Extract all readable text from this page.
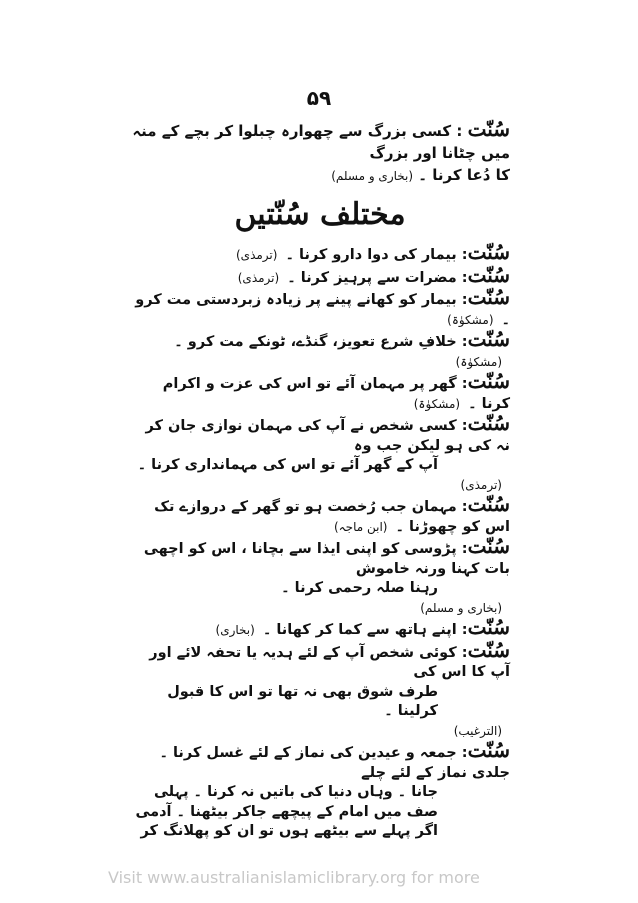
۵۹

سُنّت : کسی بزرگ سے چھوارہ چبلوا کر بچے کے منہ میں چٹانا اور بزرگ
کا دُعا کرنا ۔ (بخاری و مسلم)

مختلف سُنّتیں

سُنّت: بیمار کی دوا دارو کرنا ۔(ترمذی)

سُنّت: مضرات سے پرہیز کرنا ۔(ترمذی)

سُنّت: بیمار کو کھانے پینے پر زیادہ زبردستی مت کرو ۔(مشکوٰۃ)

سُنّت: خلافِ شرع تعویز، گنڈے، ٹونکے مت کرو ۔(مشکوٰۃ)

سُنّت: گھر پر مہمان آئے تو اس کی عزت و اکرام کرنا ۔(مشکوٰۃ)

سُنّت: کسی شخص نے آپ کی مہمان نوازی جان کر نہ کی ہو لیکن جب وہ
آپ کے گھر آئے تو اس کی مہمانداری کرنا ۔
(ترمذی)

سُنّت: مہمان جب رُخصت ہو تو گھر کے دروازے تک اس کو چھوڑنا ۔(ابن ماجہ)

سُنّت: پڑوسی کو اپنی ایذا سے بچانا ، اس کو اچھی بات کہنا ورنہ خاموش
رہنا صلہ رحمی کرنا ۔
(بخاری و مسلم)

سُنّت: اپنے ہاتھ سے کما کر کھانا ۔(بخاری)

سُنّت: کوئی شخص آپ کے لئے ہدیہ یا تحفہ لائے اور آپ کا اس کی
طرف شوق بھی نہ تھا تو اس کا قبول کرلینا ۔
(الترغیب)

سُنّت: جمعہ و عیدین کی نماز کے لئے غسل کرنا ۔ جلدی نماز کے لئے چلے
جانا ۔ وہاں دنیا کی باتیں نہ کرنا ۔ پہلی صف میں امام کے پیچھے جاکر بیٹھنا ۔ آدمی اگر پہلے سے بیٹھے ہوں تو ان کو پھلانگ کر

Visit www.australianislamiclibrary.org for more
